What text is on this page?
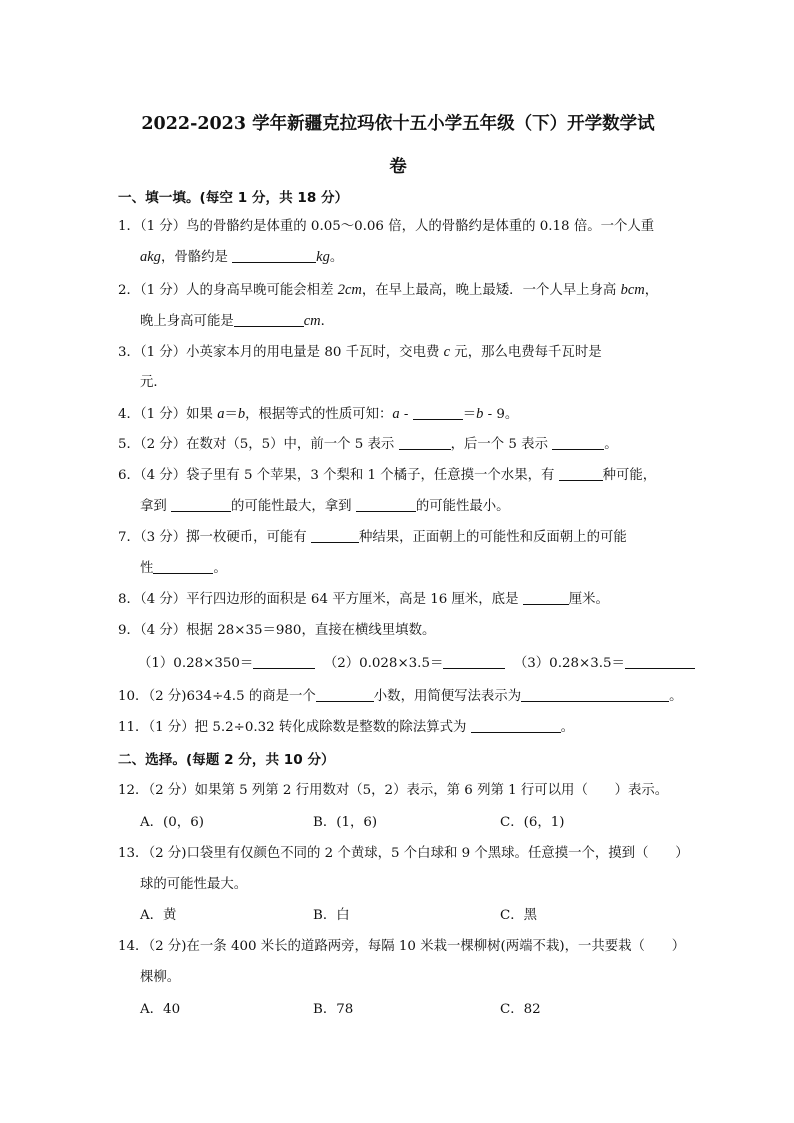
2022-2023 学年新疆克拉玛依十五小学五年级（下）开学数学试
卷
一、填一填。(每空 1 分，共 18 分）
1．（1 分）鸟的骨骼约是体重的 0.05～0.06 倍，人的骨骼约是体重的 0.18 倍。一个人重
akg，骨骼约是	kg。
2．（1 分）人的身高早晚可能会相差 2cm，在早上最高，晚上最矮．一个人早上身高 bcm，
晚上身高可能是	cm．
3．（1 分）小英家本月的用电量是 80 千瓦时，交电费 c 元，那么电费每千瓦时是
元．
4．（1 分）如果 a＝b，根据等式的性质可知：a -	＝b - 9。
5．（2 分）在数对（5，5）中，前一个 5 表示	，后一个 5 表示	。
6．（4 分）袋子里有 5 个苹果，3 个梨和 1 个橘子，任意摸一个水果，有	种可能，
拿到	的可能性最大，拿到	的可能性最小。
7．（3 分）掷一枚硬币，可能有	种结果，正面朝上的可能性和反面朝上的可能
性	。
8．（4 分）平行四边形的面积是 64 平方厘米，高是 16 厘米，底是	厘米。
9．（4 分）根据 28×35＝980，直接在横线里填数。
（1）0.28×350＝	（2）0.028×3.5＝	（3）0.28×3.5＝
10．（2 分)634÷4.5 的商是一个	小数，用简便写法表示为	。
11．（1 分）把 5.2÷0.32 转化成除数是整数的除法算式为	。
二、选择。(每题 2 分，共 10 分）
12．（2 分）如果第 5 列第 2 行用数对（5，2）表示，第 6 列第 1 行可以用（　　）表示。
A．(0，6)	B．(1，6)	C．(6，1)
13．（2 分)口袋里有仅颜色不同的 2 个黄球，5 个白球和 9 个黑球。任意摸一个，摸到（　　）
球的可能性最大。
A．黄	B．白	C．黑
14．（2 分)在一条 400 米长的道路两旁，每隔 10 米栽一棵柳树(两端不栽)，一共要栽（　　）
棵柳。
A．40	B．78	C．82
